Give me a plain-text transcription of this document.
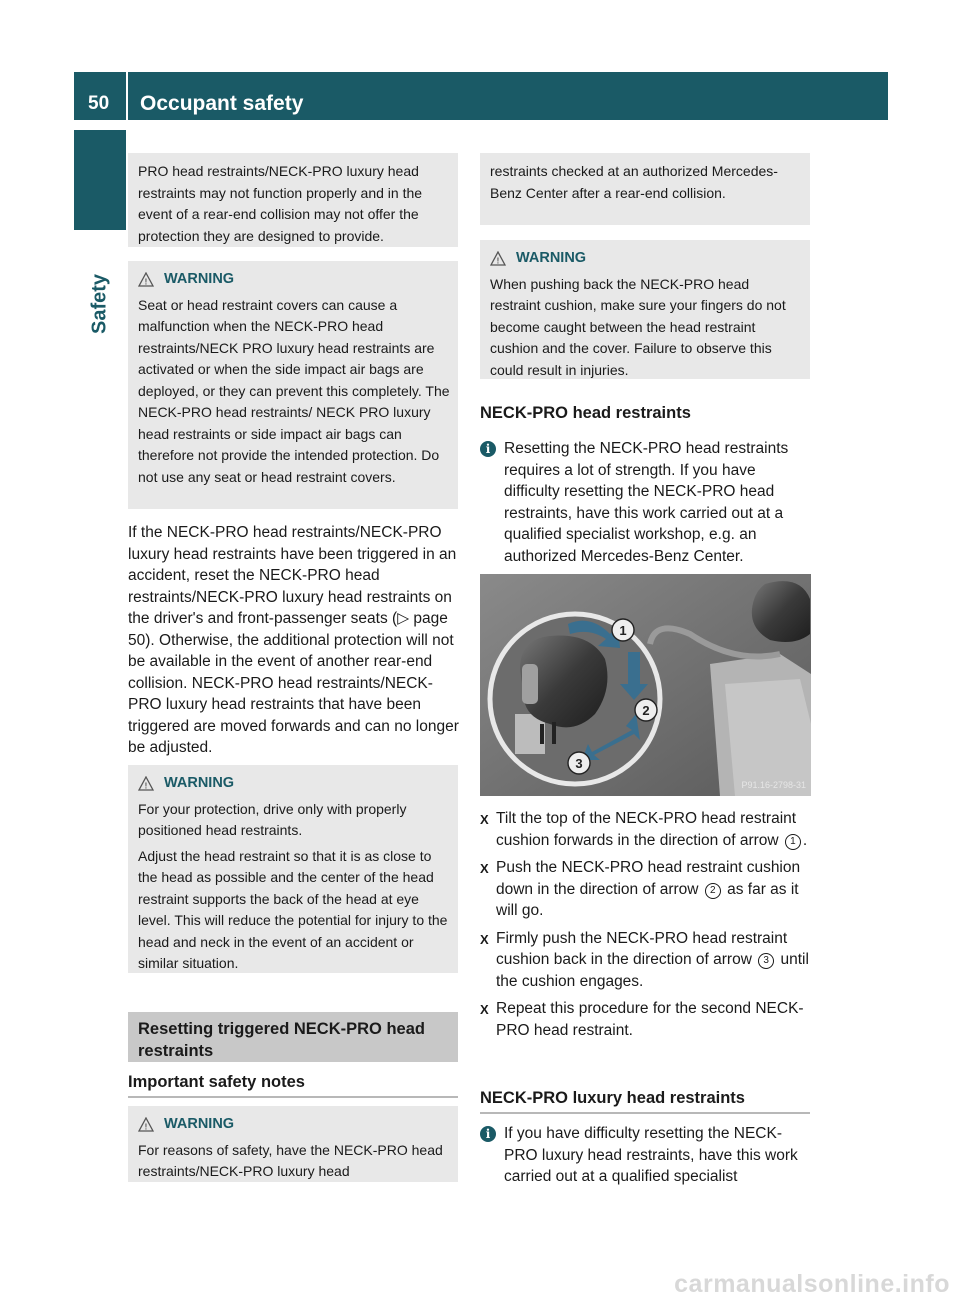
50	Occupant safety
Safety
PRO head restraints/NECK-PRO luxury head restraints may not function properly and in the event of a rear-end collision may not offer the protection they are designed to provide.
! WARNING
Seat or head restraint covers can cause a malfunction when the NECK-PRO head restraints/NECK PRO luxury head restraints are activated or when the side impact air bags are deployed, or they can prevent this completely. The NECK-PRO head restraints/ NECK PRO luxury head restraints or side impact air bags can therefore not provide the intended protection. Do not use any seat or head restraint covers.
If the NECK-PRO head restraints/NECK-PRO luxury head restraints have been triggered in an accident, reset the NECK-PRO head restraints/NECK-PRO luxury head restraints on the driver's and front-passenger seats (▷ page 50). Otherwise, the additional protection will not be available in the event of another rear-end collision. NECK-PRO head restraints/NECK-PRO luxury head restraints that have been triggered are moved forwards and can no longer be adjusted.
! WARNING
For your protection, drive only with properly positioned head restraints.
Adjust the head restraint so that it is as close to the head as possible and the center of the head restraint supports the back of the head at eye level. This will reduce the potential for injury to the head and neck in the event of an accident or similar situation.
Resetting triggered NECK-PRO head restraints
Important safety notes
! WARNING
For reasons of safety, have the NECK-PRO head restraints/NECK-PRO luxury head
restraints checked at an authorized Mercedes-Benz Center after a rear-end collision.
! WARNING
When pushing back the NECK-PRO head restraint cushion, make sure your fingers do not become caught between the head restraint cushion and the cover. Failure to observe this could result in injuries.
NECK-PRO head restraints
i Resetting the NECK-PRO head restraints requires a lot of strength. If you have difficulty resetting the NECK-PRO head restraints, have this work carried out at a qualified specialist workshop, e.g. an authorized Mercedes-Benz Center.
1
2
3
P91.16-2798-31
X Tilt the top of the NECK-PRO head restraint cushion forwards in the direction of arrow 1 .
X Push the NECK-PRO head restraint cushion down in the direction of arrow 2 as far as it will go.
X Firmly push the NECK-PRO head restraint cushion back in the direction of arrow 3 until the cushion engages.
X Repeat this procedure for the second NECK-PRO head restraint.
NECK-PRO luxury head restraints
i If you have difficulty resetting the NECK-PRO luxury head restraints, have this work carried out at a qualified specialist
carmanualsonline.info
